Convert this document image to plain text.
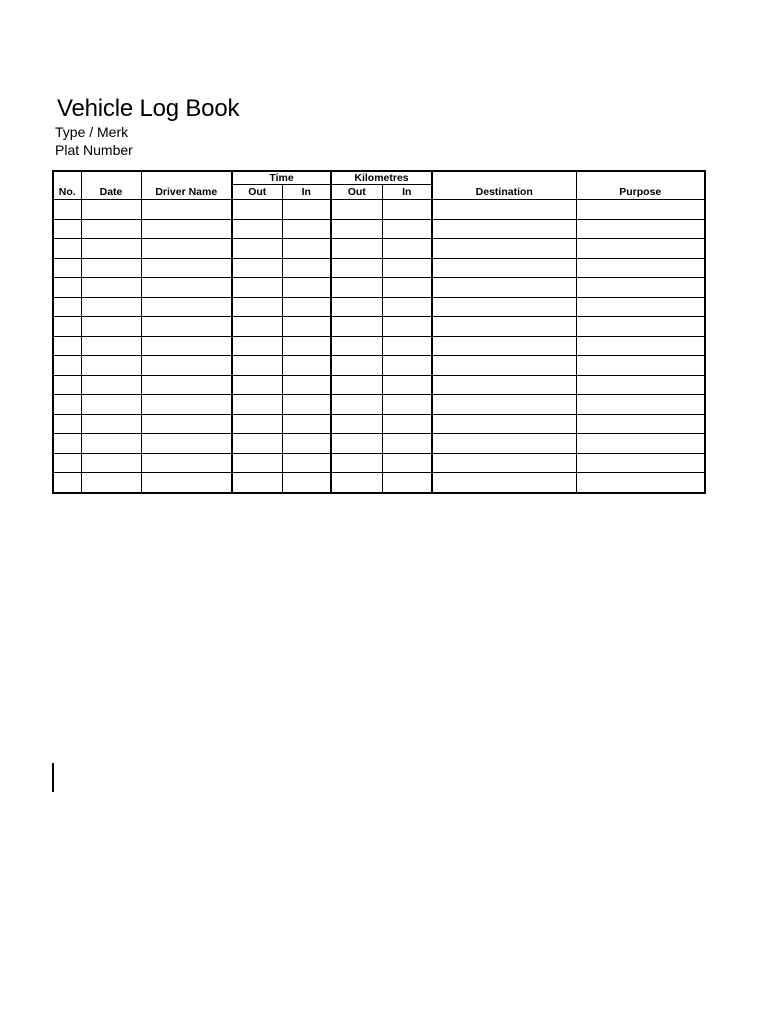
Vehicle Log Book
Type / Merk
Plat Number
No.	Date	Driver Name	Time		Kilometres		Destination	Purpose
			Out	In	Out	In		
